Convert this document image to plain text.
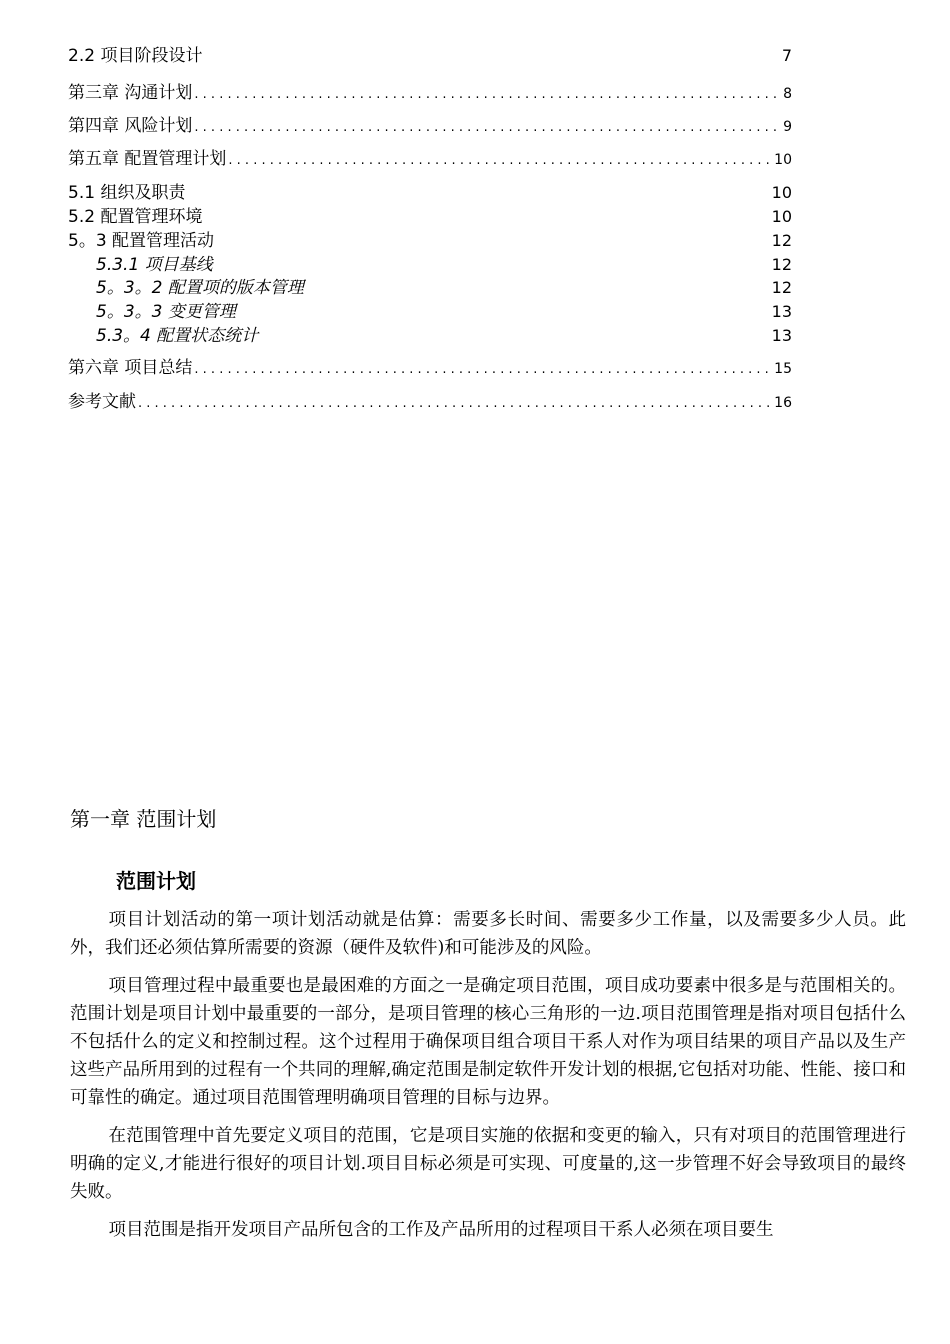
2.2 项目阶段设计	7
第三章 沟通计划 . . .	8
第四章 风险计划 . . .	9
第五章 配置管理计划 . . .	10
5.1 组织及职责	10
5.2 配置管理环境	10
5。3 配置管理活动	12
5.3.1 项目基线	12
5。3。2 配置项的版本管理	12
5。3。3 变更管理	13
5.3。4 配置状态统计	13
第六章 项目总结 . . .	15
参考文献 . . .	16
第一章 范围计划
范围计划

项目计划活动的第一项计划活动就是估算：需要多长时间、需要多少工作量，以及需要多少人员。此外，我们还必须估算所需要的资源（硬件及软件)和可能涉及的风险。

项目管理过程中最重要也是最困难的方面之一是确定项目范围，项目成功要素中很多是与范围相关的。范围计划是项目计划中最重要的一部分，是项目管理的核心三角形的一边.项目范围管理是指对项目包括什么不包括什么的定义和控制过程。这个过程用于确保项目组合项目干系人对作为项目结果的项目产品以及生产这些产品所用到的过程有一个共同的理解,确定范围是制定软件开发计划的根据,它包括对功能、性能、接口和可靠性的确定。通过项目范围管理明确项目管理的目标与边界。

在范围管理中首先要定义项目的范围，它是项目实施的依据和变更的输入，只有对项目的范围管理进行明确的定义,才能进行很好的项目计划.项目目标必须是可实现、可度量的,这一步管理不好会导致项目的最终失败。

项目范围是指开发项目产品所包含的工作及产品所用的过程项目干系人必须在项目要生
